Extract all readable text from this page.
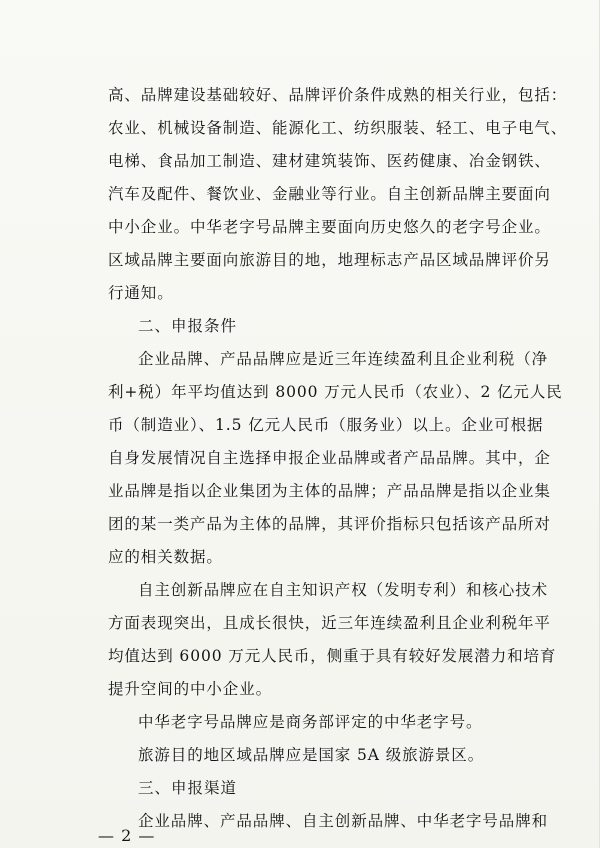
高、品牌建设基础较好、品牌评价条件成熟的相关行业，包括：
农业、机械设备制造、能源化工、纺织服装、轻工、电子电气、
电梯、食品加工制造、建材建筑装饰、医药健康、冶金钢铁、
汽车及配件、餐饮业、金融业等行业。自主创新品牌主要面向
中小企业。中华老字号品牌主要面向历史悠久的老字号企业。
区域品牌主要面向旅游目的地，地理标志产品区域品牌评价另
行通知。
二、申报条件
企业品牌、产品品牌应是近三年连续盈利且企业利税（净
利+税）年平均值达到 8000 万元人民币（农业）、2 亿元人民
币（制造业）、1.5 亿元人民币（服务业）以上。企业可根据
自身发展情况自主选择申报企业品牌或者产品品牌。其中，企
业品牌是指以企业集团为主体的品牌；产品品牌是指以企业集
团的某一类产品为主体的品牌，其评价指标只包括该产品所对
应的相关数据。
自主创新品牌应在自主知识产权（发明专利）和核心技术
方面表现突出，且成长很快，近三年连续盈利且企业利税年平
均值达到 6000 万元人民币，侧重于具有较好发展潜力和培育
提升空间的中小企业。
中华老字号品牌应是商务部评定的中华老字号。
旅游目的地区域品牌应是国家 5A 级旅游景区。
三、申报渠道
企业品牌、产品品牌、自主创新品牌、中华老字号品牌和
— 2 —
